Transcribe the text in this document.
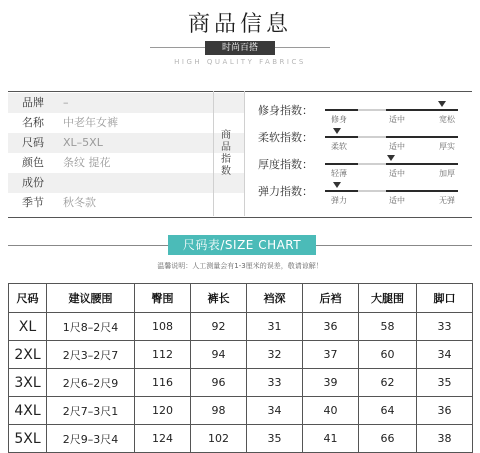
商品信息
时尚百搭
HIGH QUALITY FABRICS
品牌 –
名称 中老年女裤
尺码 XL–5XL
颜色 条纹 提花
成份
季节 秋冬款
商品指数
修身指数：
修身	适中	宽松
柔软指数：
柔软	适中	厚实
厚度指数：
轻薄	适中	加厚
弹力指数：
弹力	适中	无弹
尺码表/SIZE CHART
温馨说明：人工测量会有1-3厘米的误差，敬请谅解！
尺码	建议腰围	臀围	裤长	裆深	后裆	大腿围	脚口
XL	1尺8–2尺4	108	92	31	36	58	33
2XL	2尺3–2尺7	112	94	32	37	60	34
3XL	2尺6–2尺9	116	96	33	39	62	35
4XL	2尺7–3尺1	120	98	34	40	64	36
5XL	2尺9–3尺4	124	102	35	41	66	38
